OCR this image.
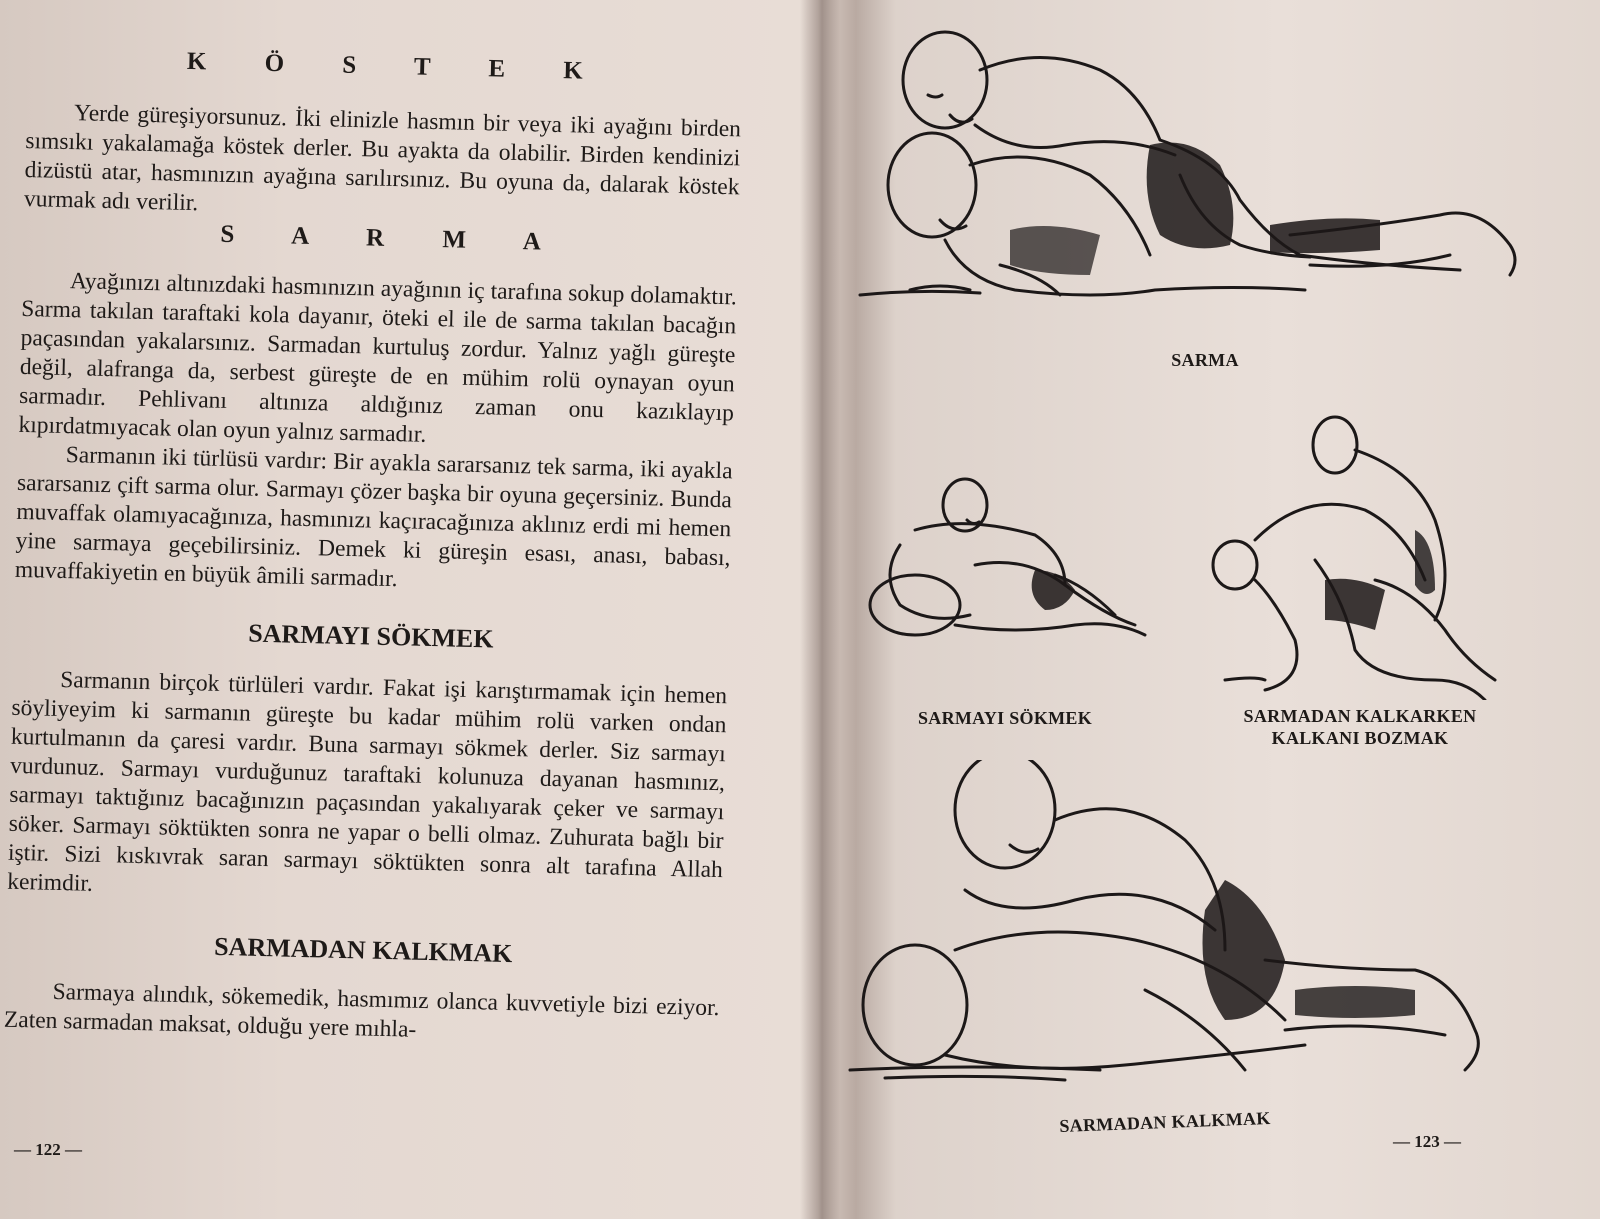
K Ö S T E K

Yerde güreşiyorsunuz. İki elinizle hasmın bir veya iki ayağını birden sımsıkı yakalamağa köstek derler. Bu ayakta da olabilir. Birden kendinizi dizüstü atar, hasmınızın ayağına sarılırsınız. Bu oyuna da, dalarak köstek vurmak adı verilir.

S A R M A

Ayağınızı altınızdaki hasmınızın ayağının iç tarafına sokup dolamaktır. Sarma takılan taraftaki kola dayanır, öteki el ile de sarma takılan bacağın paçasından yakalarsınız. Sarmadan kurtuluş zordur. Yalnız yağlı güreşte değil, alafranga da, serbest güreşte de en mühim rolü oynayan oyun sarmadır. Pehlivanı altınıza aldığınız zaman onu kazıklayıp kıpırdatmıyacak olan oyun yalnız sarmadır.

Sarmanın iki türlüsü vardır: Bir ayakla sararsanız tek sarma, iki ayakla sararsanız çift sarma olur. Sarmayı çözer başka bir oyuna geçersiniz. Bunda muvaffak olamıyacağınıza, hasmınızı kaçıracağınıza aklınız erdi mi hemen yine sarmaya geçebilirsiniz. Demek ki güreşin esası, anası, babası, muvaffakiyetin en büyük âmili sarmadır.

SARMAYI SÖKMEK

Sarmanın birçok türlüleri vardır. Fakat işi karıştırmamak için hemen söyliyeyim ki sarmanın güreşte bu kadar mühim rolü varken ondan kurtulmanın da çaresi vardır. Buna sarmayı sökmek derler. Siz sarmayı vurdunuz. Sarmayı vurduğunuz taraftaki kolunuza dayanan hasmınız, sarmayı taktığınız bacağınızın paçasından yakalıyarak çeker ve sarmayı söker. Sarmayı söktükten sonra ne yapar o belli olmaz. Zuhurata bağlı bir iştir. Sizi kıskıvrak saran sarmayı söktükten sonra alt tarafına Allah kerimdir.

SARMADAN KALKMAK

Sarmaya alındık, sökemedik, hasmımız olanca kuvvetiyle bizi eziyor. Zaten sarmadan maksat, olduğu yere mıhla-

— 122 —
SARMA
SARMAYI SÖKMEK	SARMADAN KALKARKEN
KALKANI BOZMAK
SARMADAN KALKMAK
— 123 —
